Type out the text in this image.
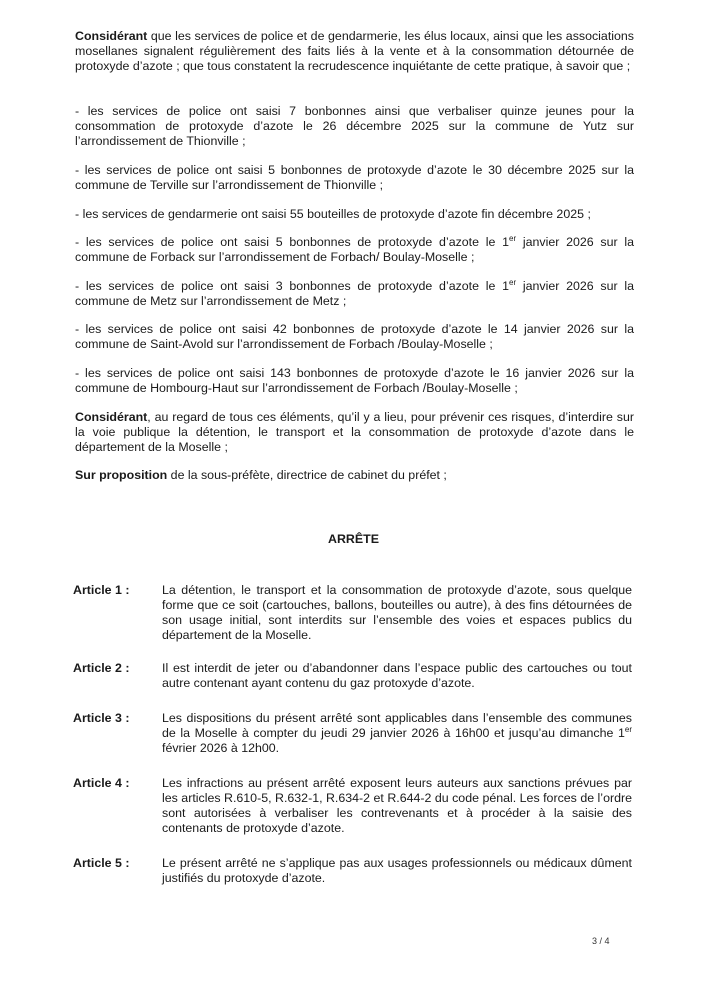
Considérant que les services de police et de gendarmerie, les élus locaux, ainsi que les associations mosellanes signalent régulièrement des faits liés à la vente et à la consommation détournée de protoxyde d’azote ; que tous constatent la recrudescence inquiétante de cette pratique, à savoir que ;

- les services de police ont saisi 7 bonbonnes ainsi que verbaliser quinze jeunes pour la consommation de protoxyde d’azote le 26 décembre 2025 sur la commune de Yutz sur l’arrondissement de Thionville ;

- les services de police ont saisi 5 bonbonnes de protoxyde d’azote le 30 décembre 2025 sur la commune de Terville sur l’arrondissement de Thionville ;

- les services de gendarmerie ont saisi 55 bouteilles de protoxyde d’azote fin décembre 2025 ;

- les services de police ont saisi 5 bonbonnes de protoxyde d’azote le 1er janvier 2026 sur la commune de Forback sur l’arrondissement de Forbach/ Boulay-Moselle ;

- les services de police ont saisi 3 bonbonnes de protoxyde d’azote le 1er janvier 2026 sur la commune de Metz sur l’arrondissement de Metz ;

- les services de police ont saisi 42 bonbonnes de protoxyde d’azote le 14 janvier 2026 sur la commune de Saint-Avold sur l’arrondissement de Forbach /Boulay-Moselle ;

- les services de police ont saisi 143 bonbonnes de protoxyde d’azote le 16 janvier 2026 sur la commune de Hombourg-Haut sur l’arrondissement de Forbach /Boulay-Moselle ;

Considérant, au regard de tous ces éléments, qu’il y a lieu, pour prévenir ces risques, d’interdire sur la voie publique la détention, le transport et la consommation de protoxyde d’azote dans le département de la Moselle ;

Sur proposition de la sous-préfète, directrice de cabinet du préfet ;

ARRÊTE

Article 1 :	La détention, le transport et la consommation de protoxyde d’azote, sous quelque forme que ce soit (cartouches, ballons, bouteilles ou autre), à des fins détournées de son usage initial, sont interdits sur l’ensemble des voies et espaces publics du département de la Moselle.

Article 2 :	Il est interdit de jeter ou d’abandonner dans l’espace public des cartouches ou tout autre contenant ayant contenu du gaz protoxyde d’azote.

Article 3 :	Les dispositions du présent arrêté sont applicables dans l’ensemble des communes de la Moselle à compter du jeudi 29 janvier 2026 à 16h00 et jusqu’au dimanche 1er février 2026 à 12h00.

Article 4 :	Les infractions au présent arrêté exposent leurs auteurs aux sanctions prévues par les articles R.610-5, R.632-1, R.634-2 et R.644-2 du code pénal. Les forces de l’ordre sont autorisées à verbaliser les contrevenants et à procéder à la saisie des contenants de protoxyde d’azote.

Article 5 :	Le présent arrêté ne s’applique pas aux usages professionnels ou médicaux dûment justifiés du protoxyde d’azote.

3 / 4
